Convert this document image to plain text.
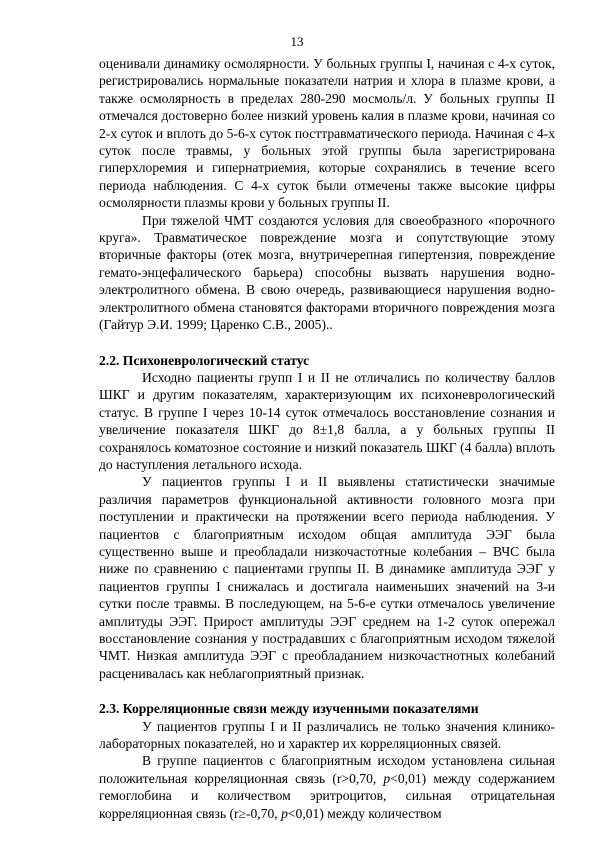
13

оценивали динамику осмолярности. У больных группы I, начиная с 4-х суток, регистрировались нормальные показатели натрия и хлора в плазме крови, а также осмолярность в пределах 280-290 мосмоль/л. У больных группы II отмечался достоверно более низкий уровень калия в плазме крови, начиная со 2-х суток и вплоть до 5-6-х суток посттравматического периода. Начиная с 4-х суток после травмы, у больных этой группы была зарегистрирована гиперхлоремия и гипернатриемия, которые сохранялись в течение всего периода наблюдения. С 4-х суток были отмечены также высокие цифры осмолярности плазмы крови у больных группы II.

При тяжелой ЧМТ создаются условия для своеобразного «порочного круга». Травматическое повреждение мозга и сопутствующие этому вторичные факторы (отек мозга, внутричерепная гипертензия, повреждение гемато-энцефалического барьера) способны вызвать нарушения водно-электролитного обмена. В свою очередь, развивающиеся нарушения водно-электролитного обмена становятся факторами вторичного повреждения мозга (Гайтур Э.И. 1999; Царенко С.В., 2005)..

2.2. Психоневрологический статус

Исходно пациенты групп I и II не отличались по количеству баллов ШКГ и другим показателям, характеризующим их психоневрологический статус. В группе I через 10-14 суток отмечалось восстановление сознания и увеличение показателя ШКГ до 8±1,8 балла, а у больных группы II сохранялось коматозное состояние и низкий показатель ШКГ (4 балла) вплоть до наступления летального исхода.

У пациентов группы I и II выявлены статистически значимые различия параметров функциональной активности головного мозга при поступлении и практически на протяжении всего периода наблюдения. У пациентов с благоприятным исходом общая амплитуда ЭЭГ была существенно выше и преобладали низкочастотные колебания – ВЧС была ниже по сравнению с пациентами группы II. В динамике амплитуда ЭЭГ у пациентов группы I снижалась и достигала наименьших значений на 3-и сутки после травмы. В последующем, на 5-6-е сутки отмечалось увеличение амплитуды ЭЭГ. Прирост амплитуды ЭЭГ среднем на 1-2 суток опережал восстановление сознания у пострадавших с благоприятным исходом тяжелой ЧМТ. Низкая амплитуда ЭЭГ с преобладанием низкочастнотных колебаний расценивалась как неблагоприятный признак.

2.3. Корреляционные связи между изученными показателями

У пациентов группы I и II различались не только значения клинико-лабораторных показателей, но и характер их корреляционных связей.

В группе пациентов с благоприятным исходом установлена сильная положительная корреляционная связь (r>0,70, p<0,01) между содержанием гемоглобина и количеством эритроцитов, сильная отрицательная корреляционная связь (r≥-0,70, p<0,01) между количеством
